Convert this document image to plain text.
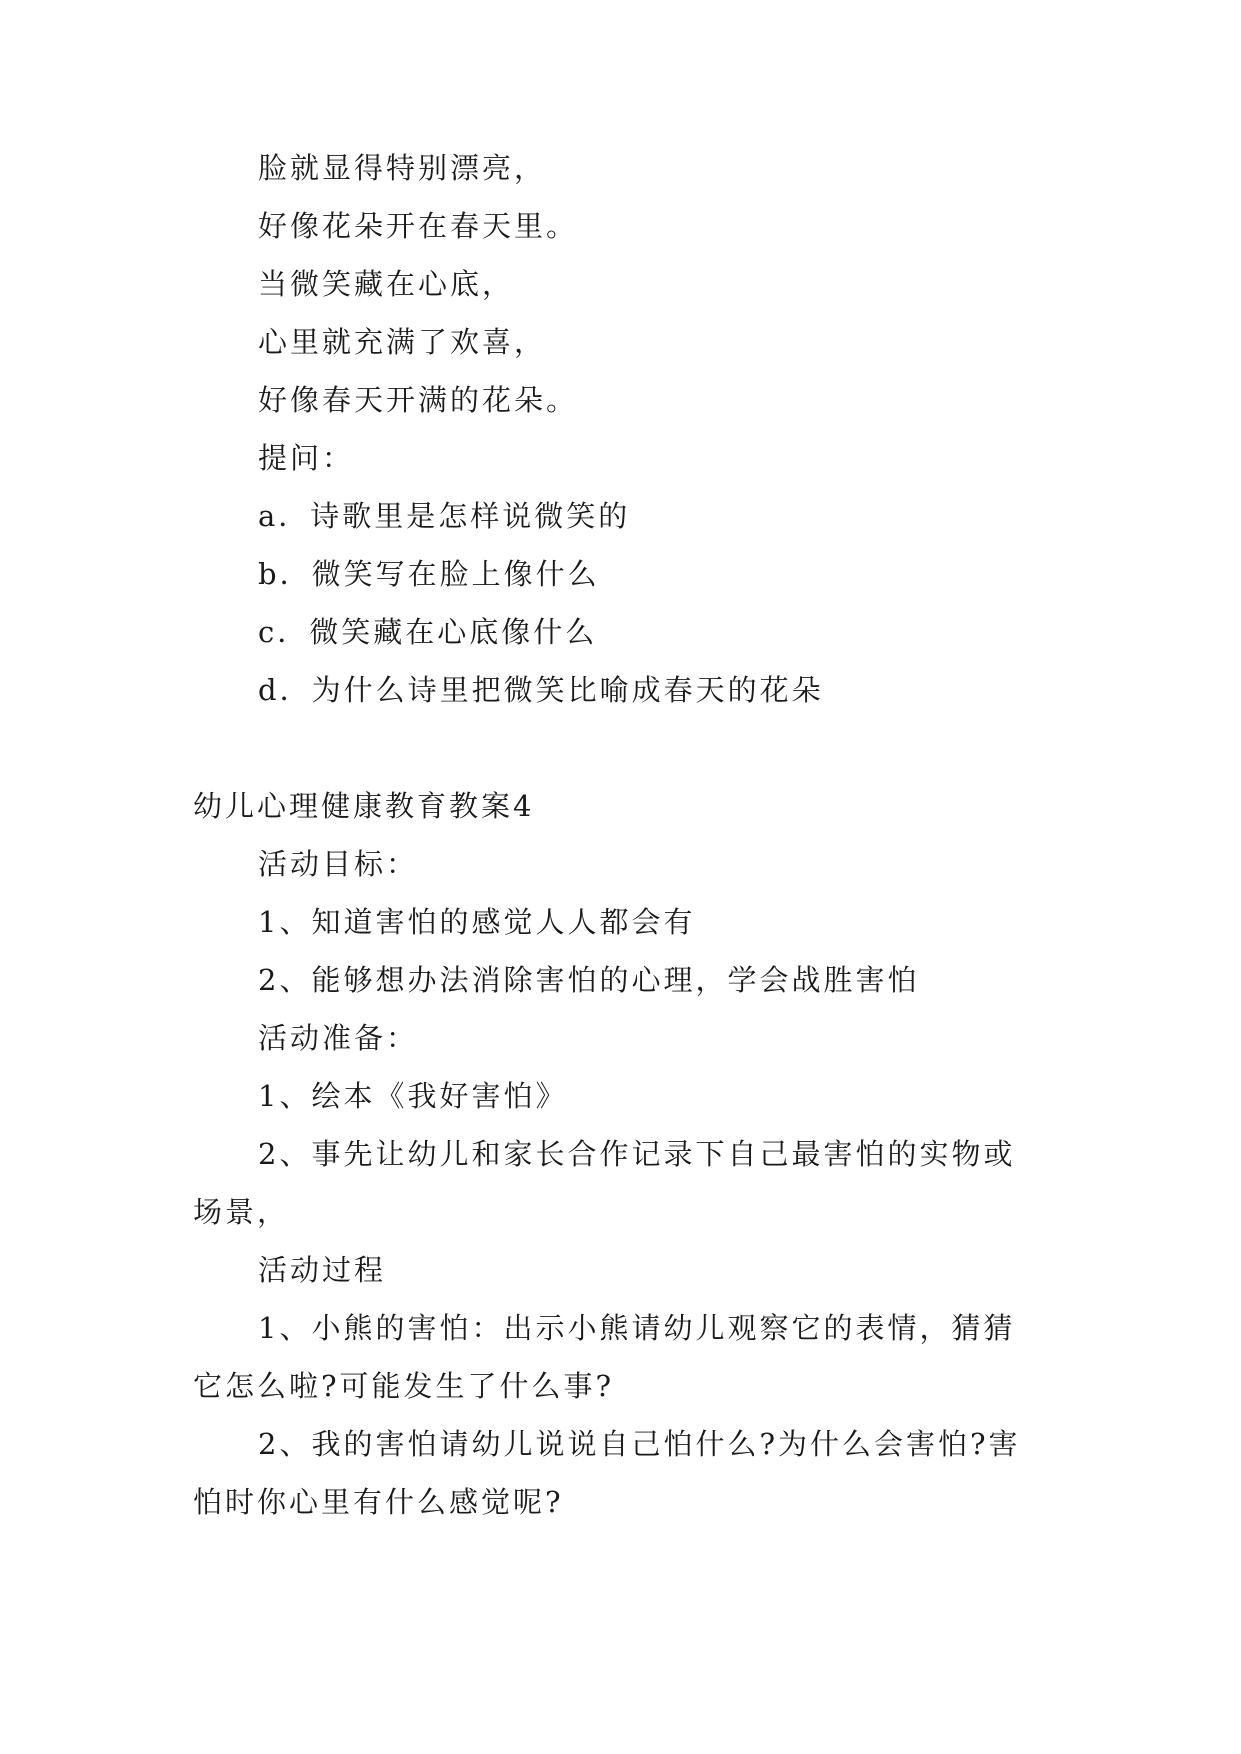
脸就显得特别漂亮，
好像花朵开在春天里。
当微笑藏在心底，
心里就充满了欢喜，
好像春天开满的花朵。
提问：
a．诗歌里是怎样说微笑的
b．微笑写在脸上像什么
c．微笑藏在心底像什么
d．为什么诗里把微笑比喻成春天的花朵
幼儿心理健康教育教案4
活动目标：
1、知道害怕的感觉人人都会有
2、能够想办法消除害怕的心理，学会战胜害怕
活动准备：
1、绘本《我好害怕》
2、事先让幼儿和家长合作记录下自己最害怕的实物或
场景，
活动过程
1、小熊的害怕：出示小熊请幼儿观察它的表情，猜猜
它怎么啦?可能发生了什么事?
2、我的害怕请幼儿说说自己怕什么?为什么会害怕?害
怕时你心里有什么感觉呢?
